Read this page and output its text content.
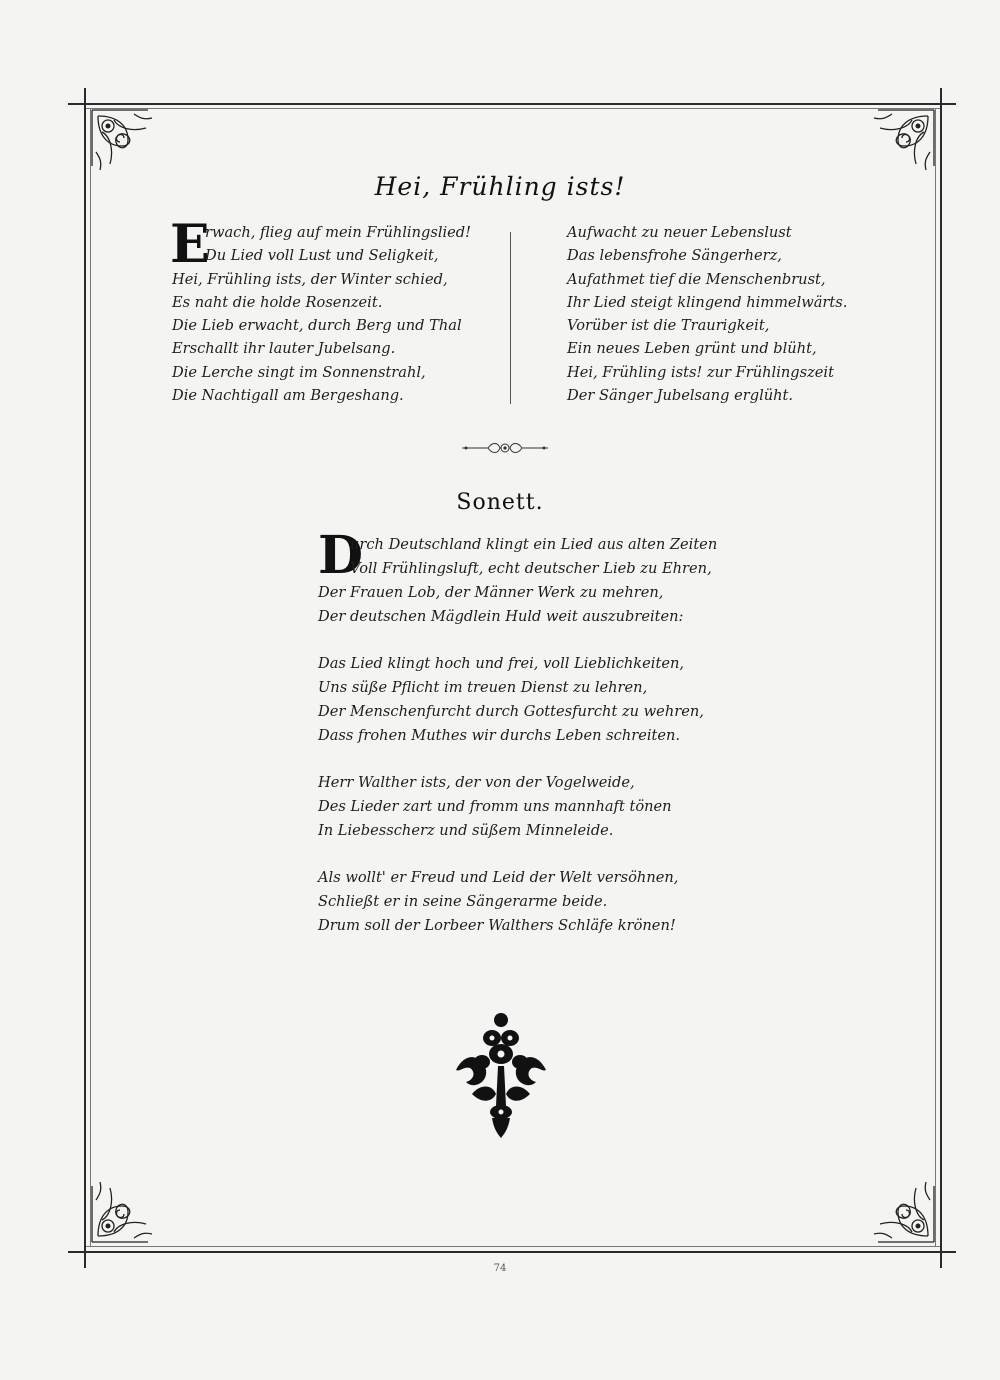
Hei, Frühling ists!
E
rwach, flieg auf mein Frühlingslied!
Du Lied voll Lust und Seligkeit,
Hei, Frühling ists, der Winter schied,
Es naht die holde Rosenzeit.
Die Lieb erwacht, durch Berg und Thal
Erschallt ihr lauter Jubelsang.
Die Lerche singt im Sonnenstrahl,
Die Nachtigall am Bergeshang.
Aufwacht zu neuer Lebenslust
Das lebensfrohe Sängerherz,
Aufathmet tief die Menschenbrust,
Ihr Lied steigt klingend himmelwärts.
Vorüber ist die Traurigkeit,
Ein neues Leben grünt und blüht,
Hei, Frühling ists! zur Frühlingszeit
Der Sänger Jubelsang erglüht.
Sonett.
D
urch Deutschland klingt ein Lied aus alten Zeiten
Voll Frühlingsluft, echt deutscher Lieb zu Ehren,
Der Frauen Lob, der Männer Werk zu mehren,
Der deutschen Mägdlein Huld weit auszubreiten:
Das Lied klingt hoch und frei, voll Lieblichkeiten,
Uns süße Pflicht im treuen Dienst zu lehren,
Der Menschenfurcht durch Gottesfurcht zu wehren,
Dass frohen Muthes wir durchs Leben schreiten.
Herr Walther ists, der von der Vogelweide,
Des Lieder zart und fromm uns mannhaft tönen
In Liebesscherz und süßem Minneleide.
Als wollt' er Freud und Leid der Welt versöhnen,
Schließt er in seine Sängerarme beide.
Drum soll der Lorbeer Walthers Schläfe krönen!
74
